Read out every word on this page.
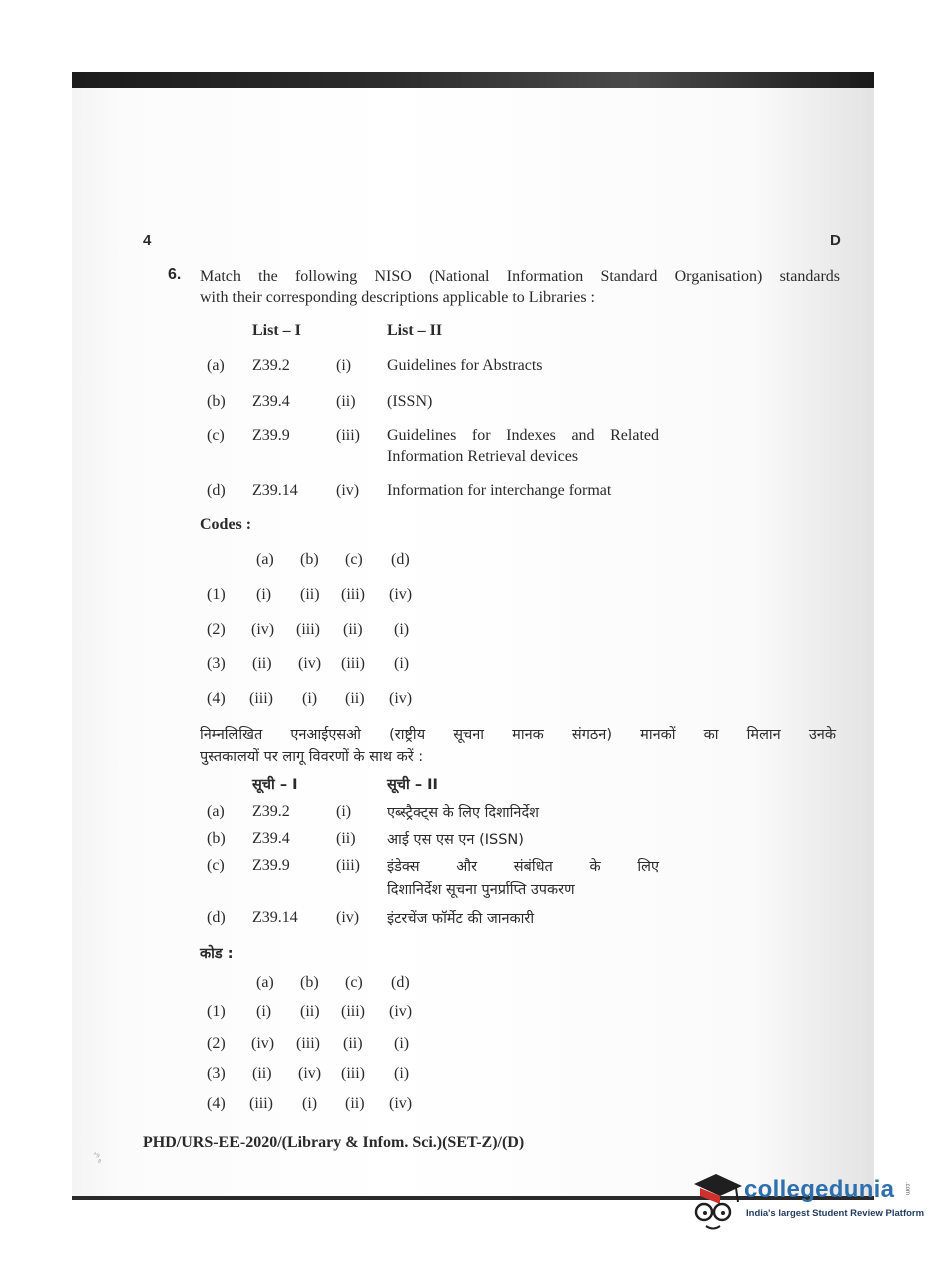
4	D
6. Match the following NISO (National Information Standard Organisation) standards
with their corresponding descriptions applicable to Libraries :
List – I	List – II
(a) Z39.2	(i) Guidelines for Abstracts
(b) Z39.4	(ii) (ISSN)
(c) Z39.9	(iii) Guidelines for Indexes and Related
Information Retrieval devices
(d) Z39.14 (iv) Information for interchange format
Codes :
(a) (b) (c) (d)
(1) (i) (ii) (iii) (iv)
(2) (iv) (iii) (ii) (i)
(3) (ii) (iv) (iii) (i)
(4) (iii) (i) (ii) (iv)
निम्नलिखित एनआईएसओ (राष्ट्रीय सूचना मानक संगठन) मानकों का मिलान उनके
पुस्तकालयों पर लागू विवरणों के साथ करें :
सूची – I	सूची – II
(a) Z39.2	(i) एब्स्ट्रैक्ट्स के लिए दिशानिर्देश
(b) Z39.4	(ii) आई एस एस एन (ISSN)
(c) Z39.9	(iii) इंडेक्स और संबंधित के लिए
दिशानिर्देश सूचना पुनर्प्राप्ति उपकरण
(d) Z39.14 (iv) इंटरचेंज फॉर्मेट की जानकारी
कोड :
(a) (b) (c) (d)
(1) (i) (ii) (iii) (iv)
(2) (iv) (iii) (ii) (i)
(3) (ii) (iv) (iii) (i)
(4) (iii) (i) (ii) (iv)
PHD/URS-EE-2020/(Library & Infom. Sci.)(SET-Z)/(D)
collegedunia .com
India's largest Student Review Platform
ʼ⁹₈
